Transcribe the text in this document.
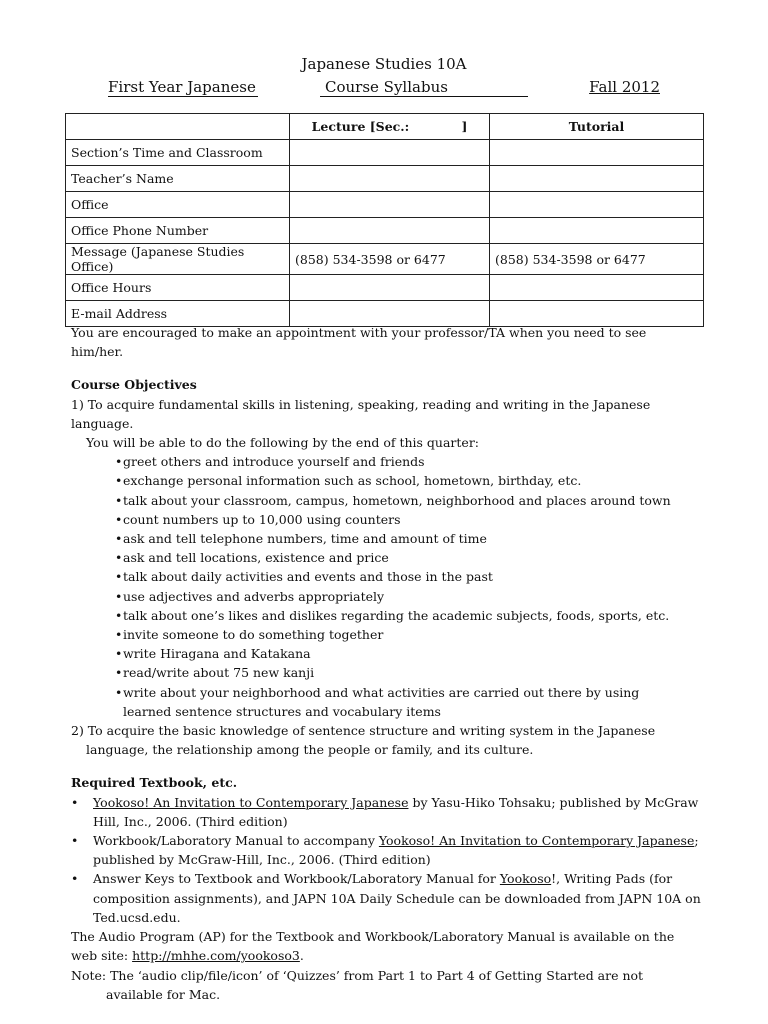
Japanese Studies 10A
First Year Japanese	Course Syllabus	Fall 2012
	Lecture [Sec.:            ]	Tutorial
Section’s Time and Classroom		
Teacher’s Name		
Office		
Office Phone Number		
Message (Japanese Studies Office)	(858) 534-3598 or 6477	(858) 534-3598 or 6477
Office Hours		
E-mail Address		

You are encouraged to make an appointment with your professor/TA when you need to see him/her.

Course Objectives

1) To acquire fundamental skills in listening, speaking, reading and writing in the Japanese language.

You will be able to do the following by the end of this quarter:

• greet others and introduce yourself and friends
• exchange personal information such as school, hometown, birthday, etc.
• talk about your classroom, campus, hometown, neighborhood and places around town
• count numbers up to 10,000 using counters
• ask and tell telephone numbers, time and amount of time
• ask and tell locations, existence and price
• talk about daily activities and events and those in the past
• use adjectives and adverbs appropriately
• talk about one’s likes and dislikes regarding the academic subjects, foods, sports, etc.
• invite someone to do something together
• write Hiragana and Katakana
• read/write about 75 new kanji
• write about your neighborhood and what activities are carried out there by using learned sentence structures and vocabulary items

2) To acquire the basic knowledge of sentence structure and writing system in the Japanese language, the relationship among the people or family, and its culture.

Required Textbook, etc.

• Yookoso! An Invitation to Contemporary Japanese by Yasu-Hiko Tohsaku; published by McGraw Hill, Inc., 2006. (Third edition)
• Workbook/Laboratory Manual to accompany Yookoso! An Invitation to Contemporary Japanese; published by McGraw-Hill, Inc., 2006. (Third edition)
• Answer Keys to Textbook and Workbook/Laboratory Manual for Yookoso!, Writing Pads (for composition assignments), and JAPN 10A Daily Schedule can be downloaded from JAPN 10A on Ted.ucsd.edu.

The Audio Program (AP) for the Textbook and Workbook/Laboratory Manual is available on the web site: http://mhhe.com/yookoso3.

Note: The ‘audio clip/file/icon’ of ‘Quizzes’ from Part 1 to Part 4 of Getting Started are not available for Mac.
